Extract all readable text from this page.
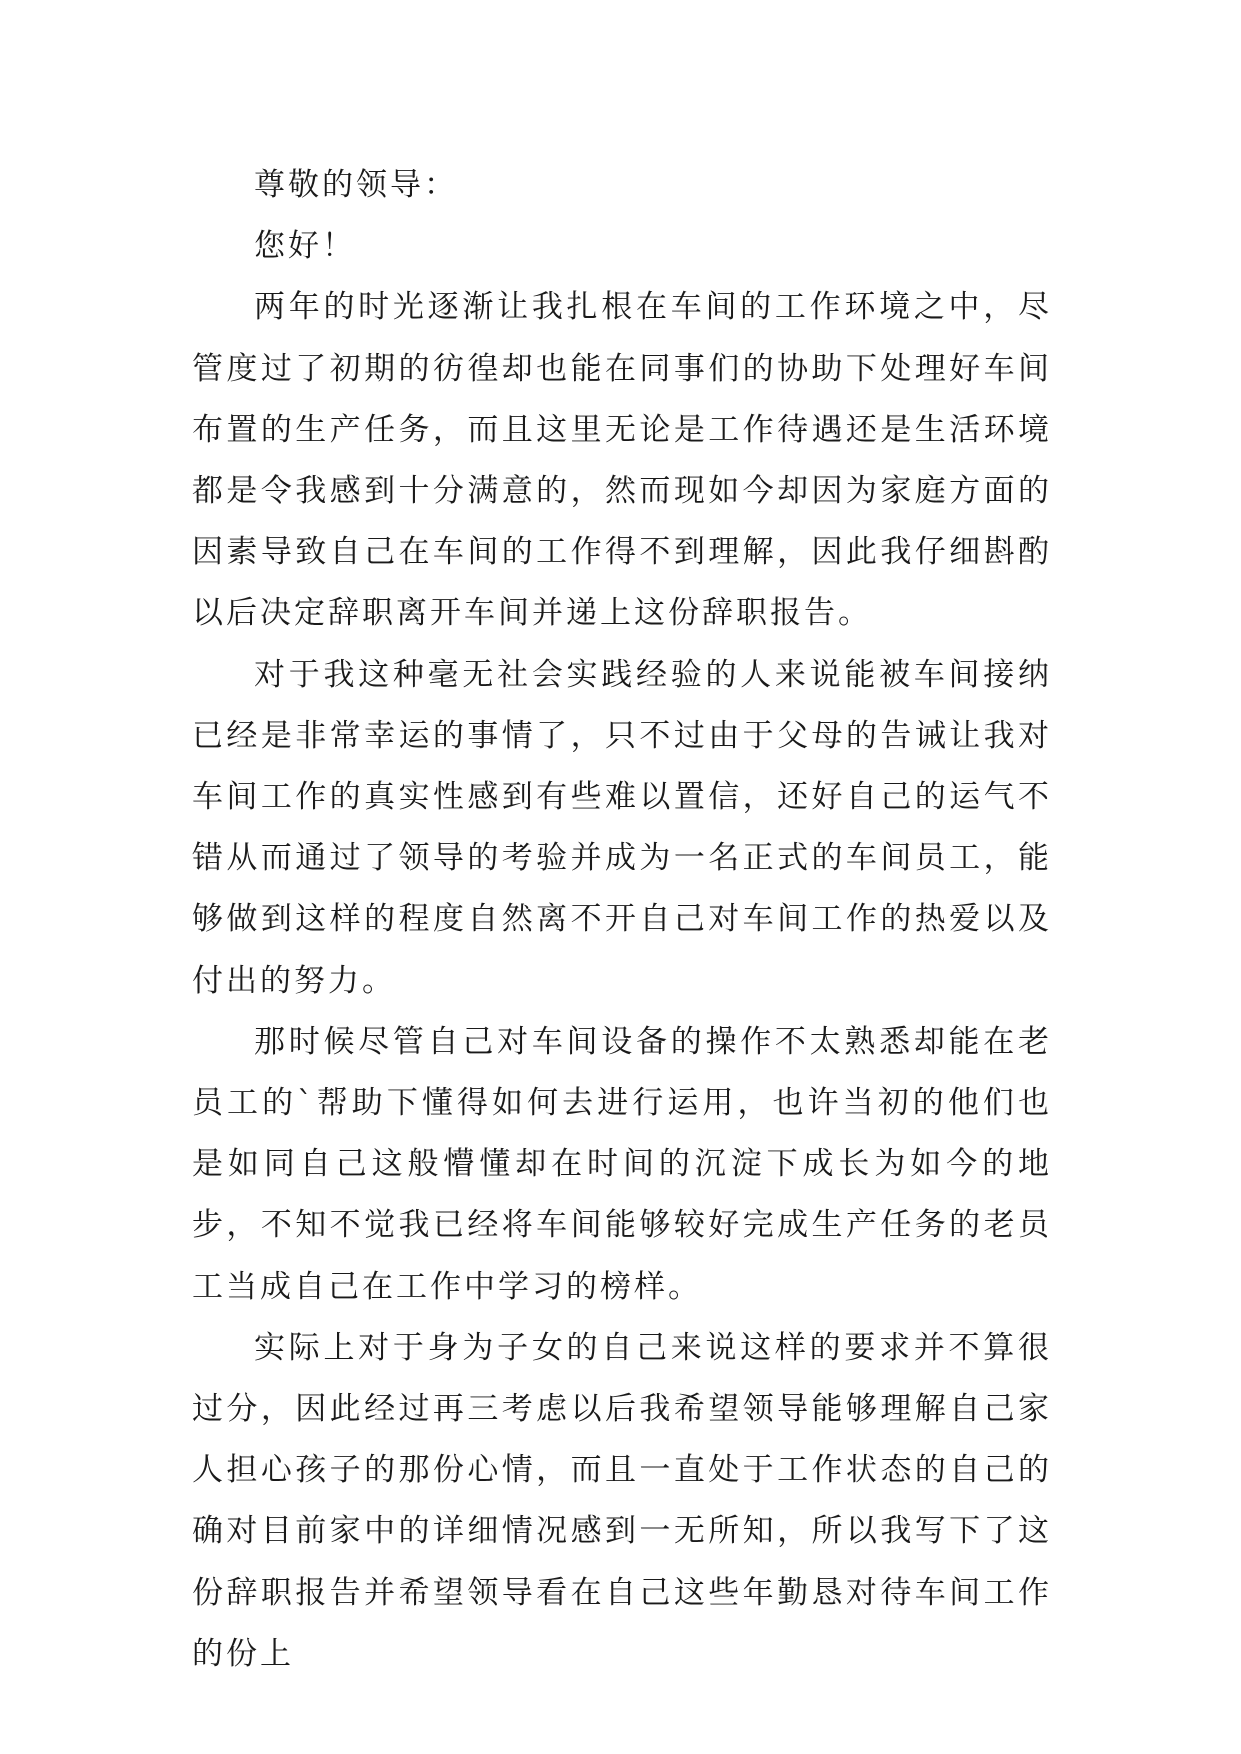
尊敬的领导：

您好！

两年的时光逐渐让我扎根在车间的工作环境之中，尽管度过了初期的彷徨却也能在同事们的协助下处理好车间布置的生产任务，而且这里无论是工作待遇还是生活环境都是令我感到十分满意的，然而现如今却因为家庭方面的因素导致自己在车间的工作得不到理解，因此我仔细斟酌以后决定辞职离开车间并递上这份辞职报告。

对于我这种毫无社会实践经验的人来说能被车间接纳已经是非常幸运的事情了，只不过由于父母的告诫让我对车间工作的真实性感到有些难以置信，还好自己的运气不错从而通过了领导的考验并成为一名正式的车间员工，能够做到这样的程度自然离不开自己对车间工作的热爱以及付出的努力。

那时候尽管自己对车间设备的操作不太熟悉却能在老员工的`帮助下懂得如何去进行运用，也许当初的他们也是如同自己这般懵懂却在时间的沉淀下成长为如今的地步，不知不觉我已经将车间能够较好完成生产任务的老员工当成自己在工作中学习的榜样。

实际上对于身为子女的自己来说这样的要求并不算很过分，因此经过再三考虑以后我希望领导能够理解自己家人担心孩子的那份心情，而且一直处于工作状态的自己的确对目前家中的详细情况感到一无所知，所以我写下了这份辞职报告并希望领导看在自己这些年勤恳对待车间工作的份上
